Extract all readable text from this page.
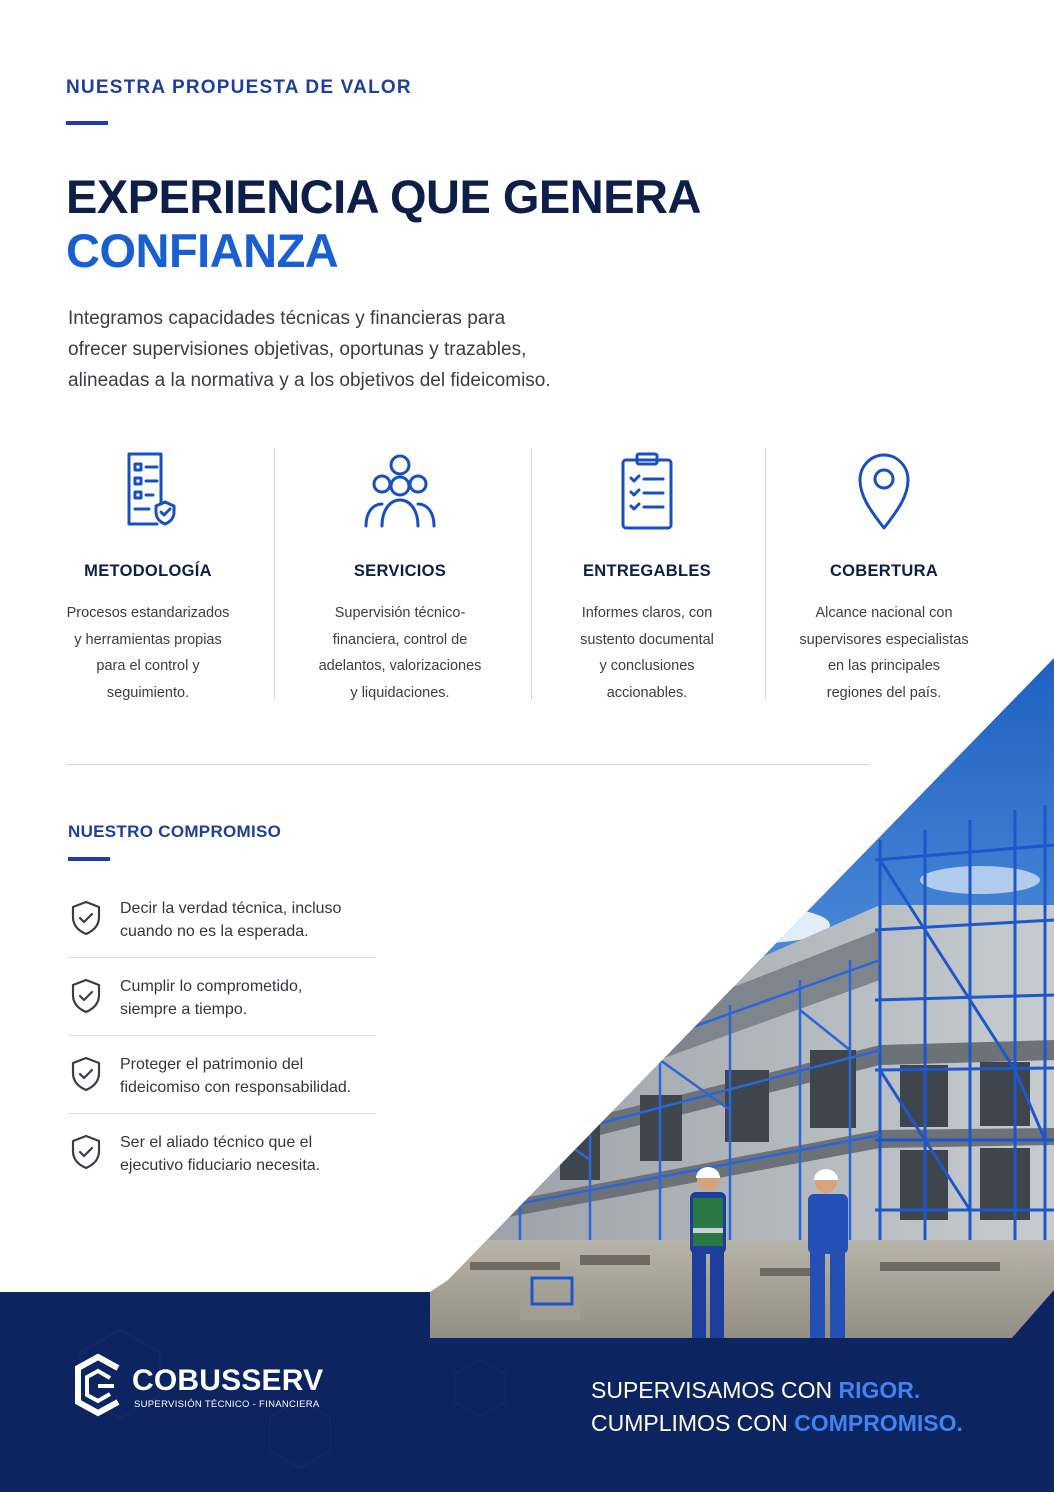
NUESTRA PROPUESTA DE VALOR
EXPERIENCIA QUE GENERA
CONFIANZA
Integramos capacidades técnicas y financieras para
ofrecer supervisiones objetivas, oportunas y trazables,
alineadas a la normativa y a los objetivos del fideicomiso.
METODOLOGÍA

Procesos estandarizados
y herramientas propias
para el control y
seguimiento.

SERVICIOS

Supervisión técnico-
financiera, control de
adelantos, valorizaciones
y liquidaciones.

ENTREGABLES

Informes claros, con
sustento documental
y conclusiones
accionables.

COBERTURA

Alcance nacional con
supervisores especialistas
en las principales
regiones del país.

NUESTRO COMPROMISO
Decir la verdad técnica, incluso
cuando no es la esperada.
Cumplir lo comprometido,
siempre a tiempo.
Proteger el patrimonio del
fideicomiso con responsabilidad.
Ser el aliado técnico que el
ejecutivo fiduciario necesita.
COBUSSERV
SUPERVISIÓN TÉCNICO - FINANCIERA
SUPERVISAMOS CON RIGOR.
CUMPLIMOS CON COMPROMISO.
